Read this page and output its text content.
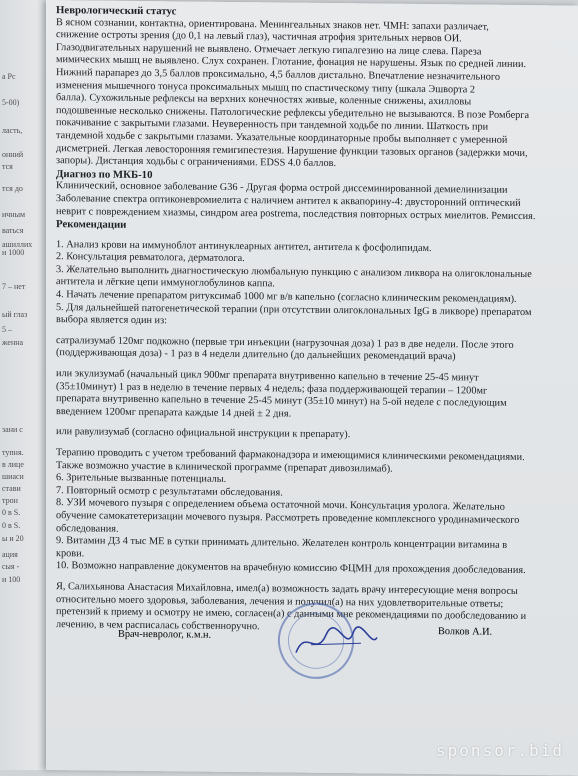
а Рс
5-00)
ласть,
онний
тся
тся до
ичным
ваться
ашиллих
и 1000
7 – нет
ый глаз
5 –
женна
зани с
тупня.
в лице
шиаси
стави
трон
0 в S.
0 в S.
ы и 20
ация
сыя -
и 100

Неврологический статус

В ясном сознании, контактна, ориентирована. Менингеальных знаков нет. ЧМН: запахи различает,

снижение остроты зрения (до 0,1 на левый глаз), частичная атрофия зрительных нервов ОИ.

Глазодвигательных нарушений не выявлено. Отмечает легкую гипалгезию на лице слева. Пареза

мимических мышц не выявлено. Слух сохранен. Глотание, фонация не нарушены. Язык по средней линии.

Нижний парапарез до 3,5 баллов проксимально, 4,5 баллов дистально. Впечатление незначительного

изменения мышечного тонуса проксимальных мышц по спастическому типу (шкала Эшворта 2

балла). Сухожильные рефлексы на верхних конечностях живые, коленные снижены, ахилловы

подошвенные несколько снижены. Патологические рефлексы убедительно не вызываются. В позе Ромберга

покачивание с закрытыми глазами. Неуверенность при тандемной ходьбе по линии. Шаткость при

тандемной ходьбе с закрытыми глазами. Указательные координаторные пробы выполняет с умеренной

дисметрией. Легкая левосторонняя гемигипестезия. Нарушение функции тазовых органов (задержки мочи,

запоры). Дистанция ходьбы с ограничениями. EDSS 4.0 баллов.

Диагноз по МКБ-10

Клинический, основное заболевание G36 - Другая форма острой диссеминированной демиелинизации

Заболевание спектра оптиконевромиелита с наличием антител к аквапорину-4: двусторонний оптический

неврит с повреждением хиазмы, синдром area postrema, последствия повторных острых миелитов. Ремиссия.

Рекомендации

1. Анализ крови на иммуноблот антинуклеарных антител, антитела к фосфолипидам.

2. Консультация ревматолога, дерматолога.

3. Желательно выполнить диагностическую люмбальную пункцию с анализом ликвора на олигоклональные

антитела и лёгкие цепи иммуноглобулинов каппа.

4. Начать лечение препаратом ритуксимаб 1000 мг в/в капельно (согласно клиническим рекомендациям).

5. Для дальнейшей патогенетической терапии (при отсутствии олигоклональных IgG в ликворе) препаратом

выбора является один из:

сатрализумаб 120мг подкожно (первые три инъекции (нагрузочная доза) 1 раз в две недели. После этого

(поддерживающая доза) - 1 раз в 4 недели длительно (до дальнейших рекомендаций врача)

или экулизумаб (начальный цикл 900мг препарата внутривенно капельно в течение 25-45 минут

(35±10минут) 1 раз в неделю в течение первых 4 недель; фаза поддерживающей терапии – 1200мг

препарата внутривенно капельно в течение 25-45 минут (35±10 минут) на 5-ой неделе с последующим

введением 1200мг препарата каждые 14 дней ± 2 дня.

или равулизумаб (согласно официальной инструкции к препарату).

Терапию проводить с учетом требований фармаконадзора и имеющимися клиническими рекомендациями.

Также возможно участие в клинической программе (препарат дивозилимаб).

6. Зрительные вызванные потенциалы.

7. Повторный осмотр с результатами обследования.

8. УЗИ мочевого пузыря с определением объема остаточной мочи. Консультация уролога. Желательно

обучение самокатетеризации мочевого пузыря. Рассмотреть проведение комплексного уродинамического

обследования.

9. Витамин Д3 4 тыс МЕ в сутки принимать длительно. Желателен контроль концентрации витамина в

крови.

10. Возможно направление документов на врачебную комиссию ФЦМН для прохождения дообследования.

Я, Салихьянова Анастасия Михайловна, имел(а) возможность задать врачу интересующие меня вопросы

относительно моего здоровья, заболевания, лечения и получил(а) на них удовлетворительные ответы;

претензий к приему и осмотру не имею, согласен(а) с данными мне рекомендациями по дообследованию и

лечению, в чем расписалась собственноручно.

Врач-невролог, к.м.н.	Волков А.И.
sponsor.bid
